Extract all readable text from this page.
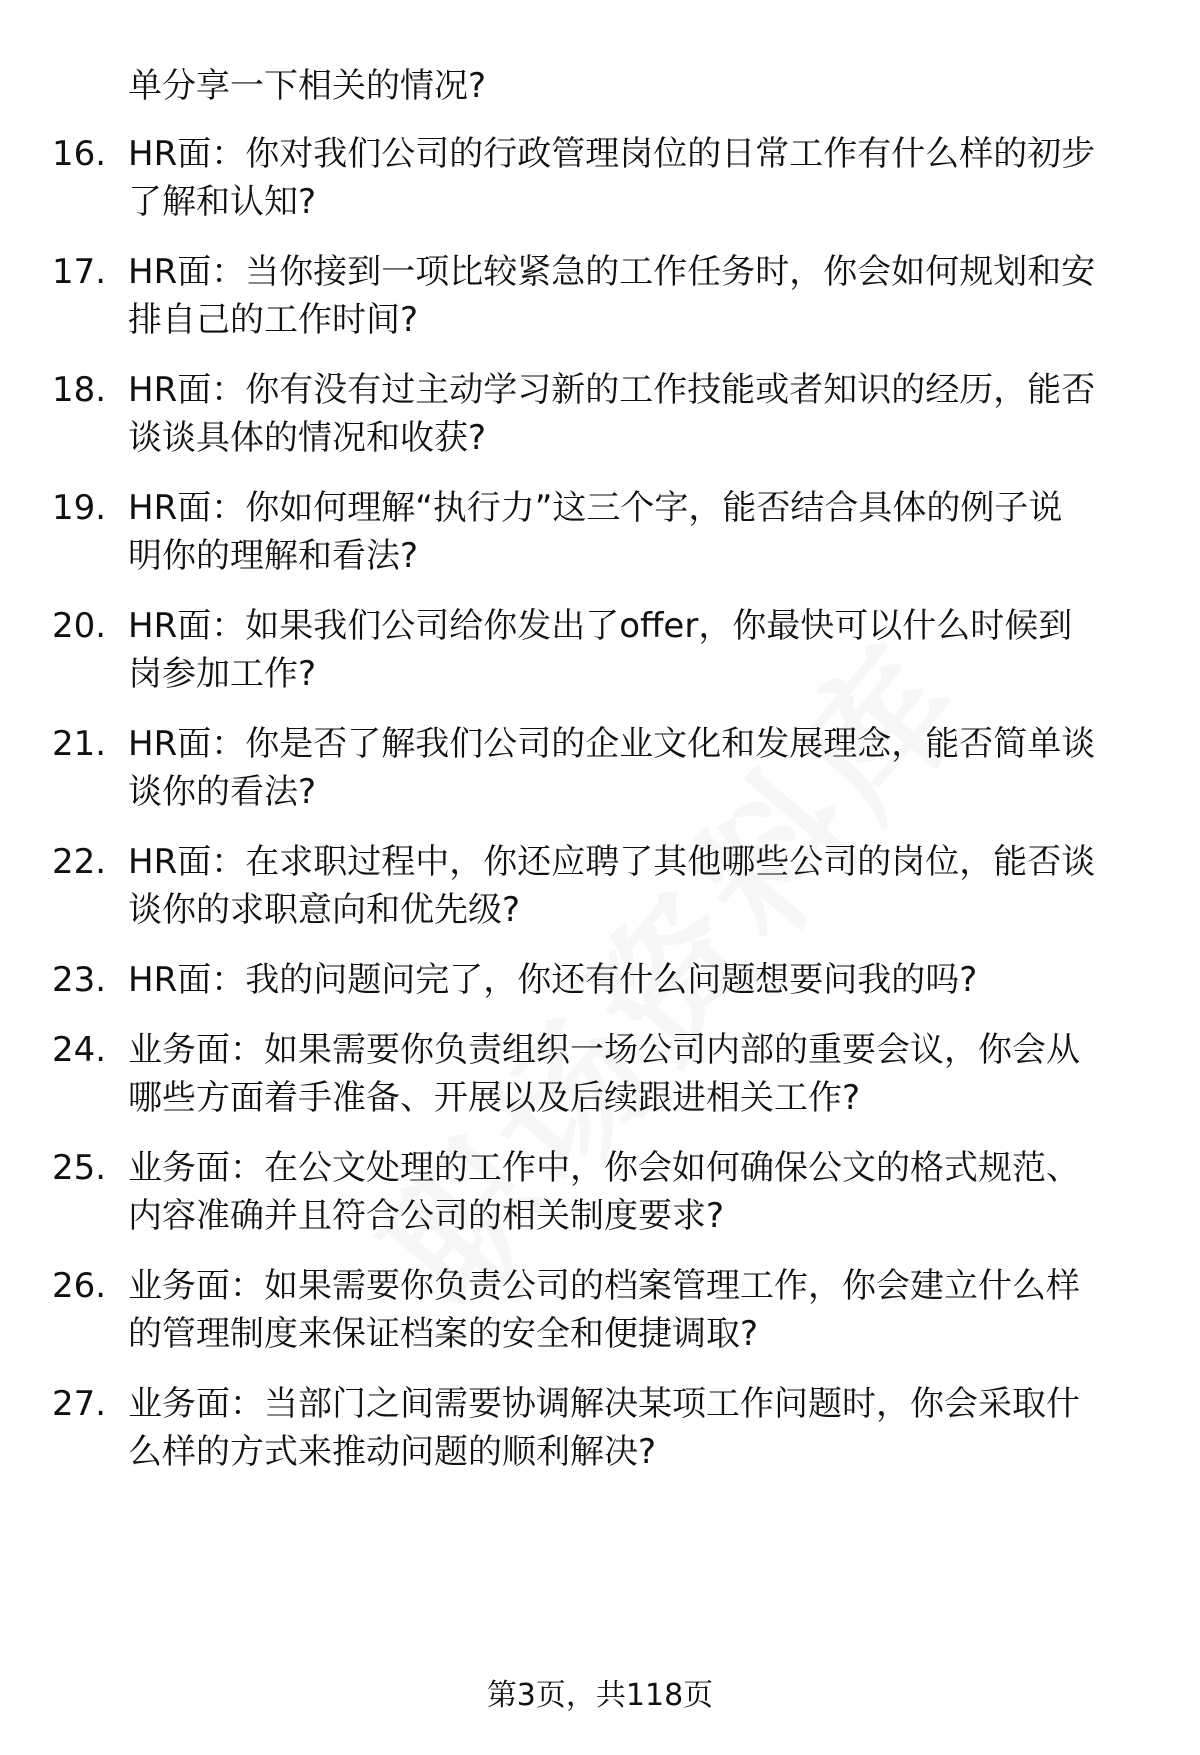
单分享一下相关的情况?
16. HR面：你对我们公司的行政管理岗位的日常工作有什么样的初步
了解和认知?
17. HR面：当你接到一项比较紧急的工作任务时，你会如何规划和安
排自己的工作时间?
18. HR面：你有没有过主动学习新的工作技能或者知识的经历，能否
谈谈具体的情况和收获?
19. HR面：你如何理解“执行力”这三个字，能否结合具体的例子说
明你的理解和看法?
20. HR面：如果我们公司给你发出了offer，你最快可以什么时候到
岗参加工作?
21. HR面：你是否了解我们公司的企业文化和发展理念，能否简单谈
谈你的看法?
22. HR面：在求职过程中，你还应聘了其他哪些公司的岗位，能否谈
谈你的求职意向和优先级?
23. HR面：我的问题问完了，你还有什么问题想要问我的吗?
24. 业务面：如果需要你负责组织一场公司内部的重要会议，你会从
哪些方面着手准备、开展以及后续跟进相关工作?
25. 业务面：在公文处理的工作中，你会如何确保公文的格式规范、
内容准确并且符合公司的相关制度要求?
26. 业务面：如果需要你负责公司的档案管理工作，你会建立什么样
的管理制度来保证档案的安全和便捷调取?
27. 业务面：当部门之间需要协调解决某项工作问题时，你会采取什
么样的方式来推动问题的顺利解决?
第3页，共118页
